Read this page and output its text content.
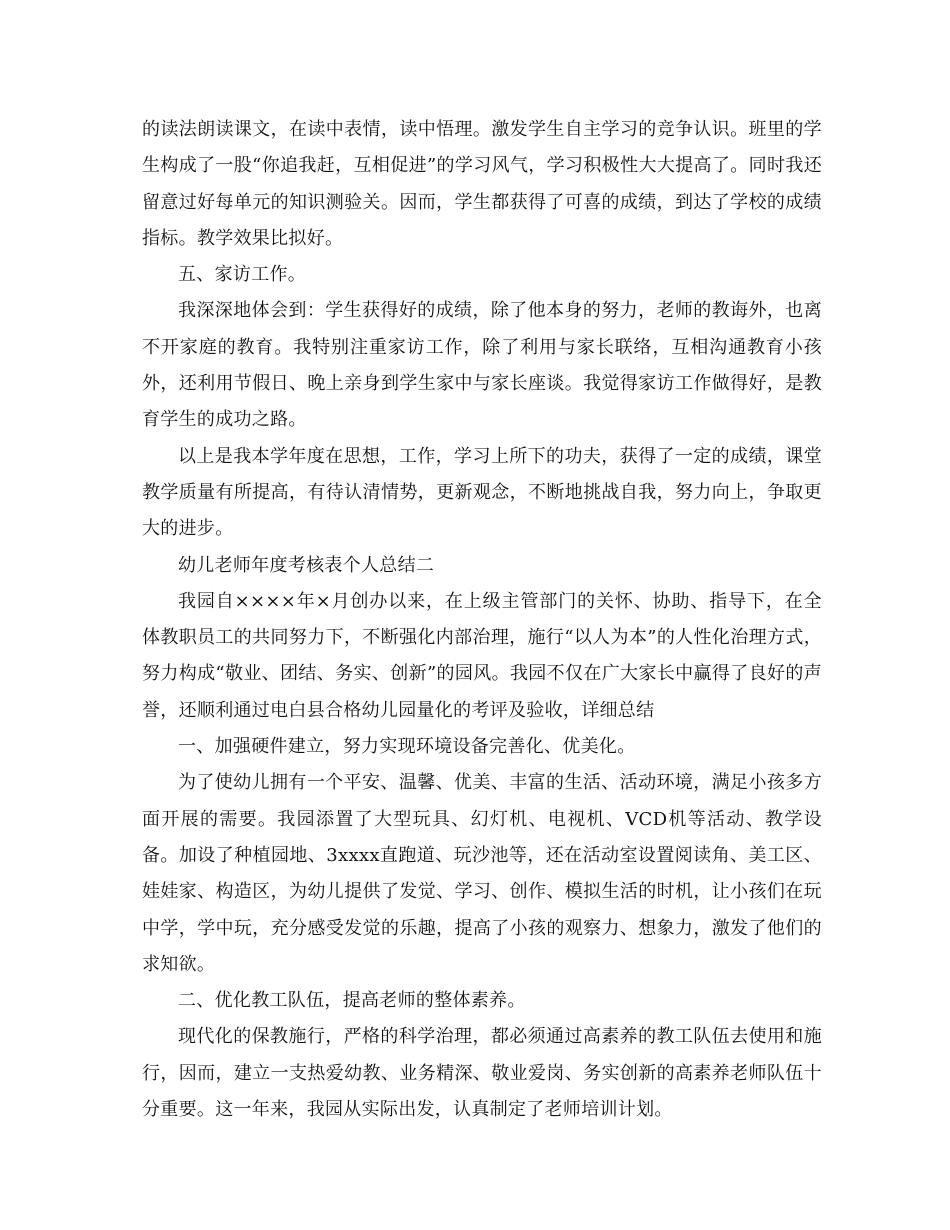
的读法朗读课文，在读中表情，读中悟理。激发学生自主学习的竞争认识。班里的学生构成了一股“你追我赶，互相促进”的学习风气，学习积极性大大提高了。同时我还留意过好每单元的知识测验关。因而，学生都获得了可喜的成绩，到达了学校的成绩指标。教学效果比拟好。

五、家访工作。

我深深地体会到：学生获得好的成绩，除了他本身的努力，老师的教诲外，也离不开家庭的教育。我特别注重家访工作，除了利用与家长联络，互相沟通教育小孩外，还利用节假日、晚上亲身到学生家中与家长座谈。我觉得家访工作做得好，是教育学生的成功之路。

以上是我本学年度在思想，工作，学习上所下的功夫，获得了一定的成绩，课堂教学质量有所提高，有待认清情势，更新观念，不断地挑战自我，努力向上，争取更大的进步。

幼儿老师年度考核表个人总结二

我园自××××年×月创办以来，在上级主管部门的关怀、协助、指导下，在全体教职员工的共同努力下，不断强化内部治理，施行“以人为本”的人性化治理方式，努力构成“敬业、团结、务实、创新”的园风。我园不仅在广大家长中赢得了良好的声誉，还顺利通过电白县合格幼儿园量化的考评及验收，详细总结

一、加强硬件建立，努力实现环境设备完善化、优美化。

为了使幼儿拥有一个平安、温馨、优美、丰富的生活、活动环境，满足小孩多方面开展的需要。我园添置了大型玩具、幻灯机、电视机、VCD机等活动、教学设备。加设了种植园地、3xxxx直跑道、玩沙池等，还在活动室设置阅读角、美工区、娃娃家、构造区，为幼儿提供了发觉、学习、创作、模拟生活的时机，让小孩们在玩中学，学中玩，充分感受发觉的乐趣，提高了小孩的观察力、想象力，激发了他们的求知欲。

二、优化教工队伍，提高老师的整体素养。

现代化的保教施行，严格的科学治理，都必须通过高素养的教工队伍去使用和施行，因而，建立一支热爱幼教、业务精深、敬业爱岗、务实创新的高素养老师队伍十分重要。这一年来，我园从实际出发，认真制定了老师培训计划。
